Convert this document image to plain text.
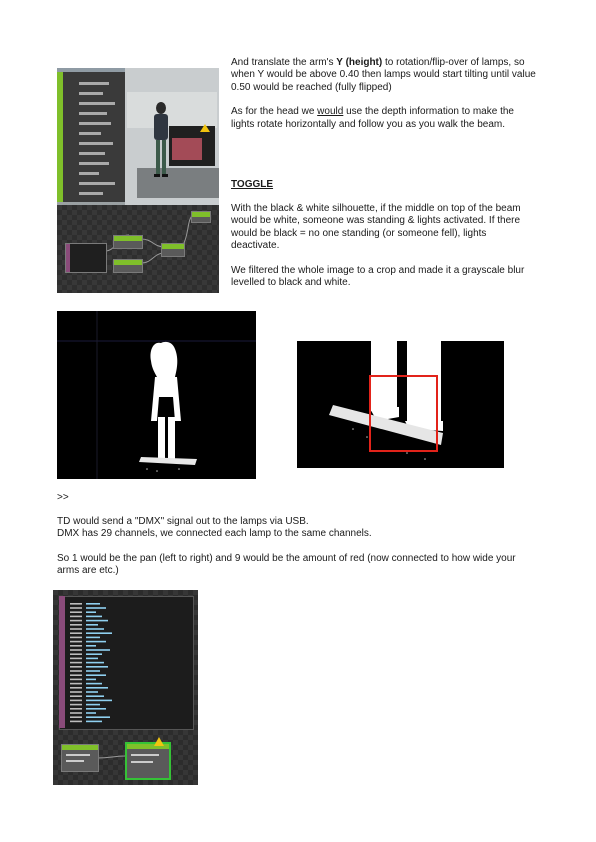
And translate the arm's Y (height) to rotation/flip-over of lamps, so when Y would be above 0.40 then lamps would start tilting until value 0.50 would be reached (fully flipped)

As for the head we would use the depth information to make the lights rotate horizontally and follow you as you walk the beam.

TOGGLE

With the black & white silhouette, if the middle on top of the beam would be white, someone was standing & lights activated. If there would be black = no one standing (or someone fell), lights deactivate.

We filtered the whole image to a crop and made it a grayscale blur levelled to black and white.

>>

TD would send a "DMX" signal out to the lamps via USB.

DMX has 29 channels, we connected each lamp to the same channels.

So 1 would be the pan (left to right) and 9 would be the amount of red (now connected to how wide your arms are etc.)
